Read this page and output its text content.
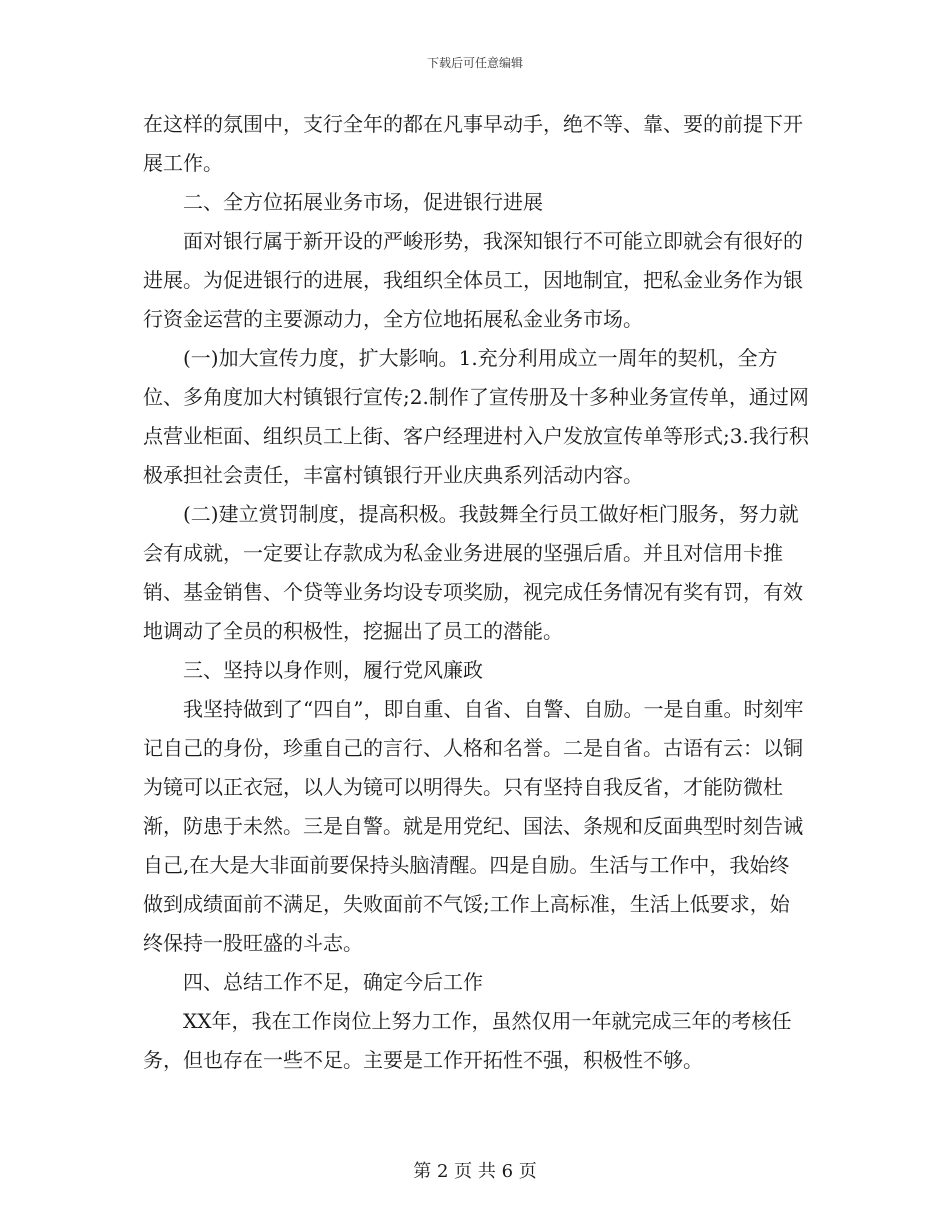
下载后可任意编辑

在这样的氛围中，支行全年的都在凡事早动手，绝不等、靠、要的前提下开展工作。

二、全方位拓展业务市场，促进银行进展

面对银行属于新开设的严峻形势，我深知银行不可能立即就会有很好的进展。为促进银行的进展，我组织全体员工，因地制宜，把私金业务作为银行资金运营的主要源动力，全方位地拓展私金业务市场。

(一)加大宣传力度，扩大影响。1.充分利用成立一周年的契机，全方位、多角度加大村镇银行宣传;2.制作了宣传册及十多种业务宣传单，通过网点营业柜面、组织员工上街、客户经理进村入户发放宣传单等形式;3.我行积极承担社会责任，丰富村镇银行开业庆典系列活动内容。

(二)建立赏罚制度，提高积极。我鼓舞全行员工做好柜门服务，努力就会有成就，一定要让存款成为私金业务进展的坚强后盾。并且对信用卡推销、基金销售、个贷等业务均设专项奖励，视完成任务情况有奖有罚，有效地调动了全员的积极性，挖掘出了员工的潜能。

三、坚持以身作则，履行党风廉政

我坚持做到了“四自”，即自重、自省、自警、自励。一是自重。时刻牢记自己的身份，珍重自己的言行、人格和名誉。二是自省。古语有云：以铜为镜可以正衣冠，以人为镜可以明得失。只有坚持自我反省，才能防微杜渐，防患于未然。三是自警。就是用党纪、国法、条规和反面典型时刻告诫自己,在大是大非面前要保持头脑清醒。四是自励。生活与工作中，我始终做到成绩面前不满足，失败面前不气馁;工作上高标准，生活上低要求，始终保持一股旺盛的斗志。

四、总结工作不足，确定今后工作

XX年，我在工作岗位上努力工作，虽然仅用一年就完成三年的考核任务，但也存在一些不足。主要是工作开拓性不强，积极性不够。

第 2 页 共 6 页
